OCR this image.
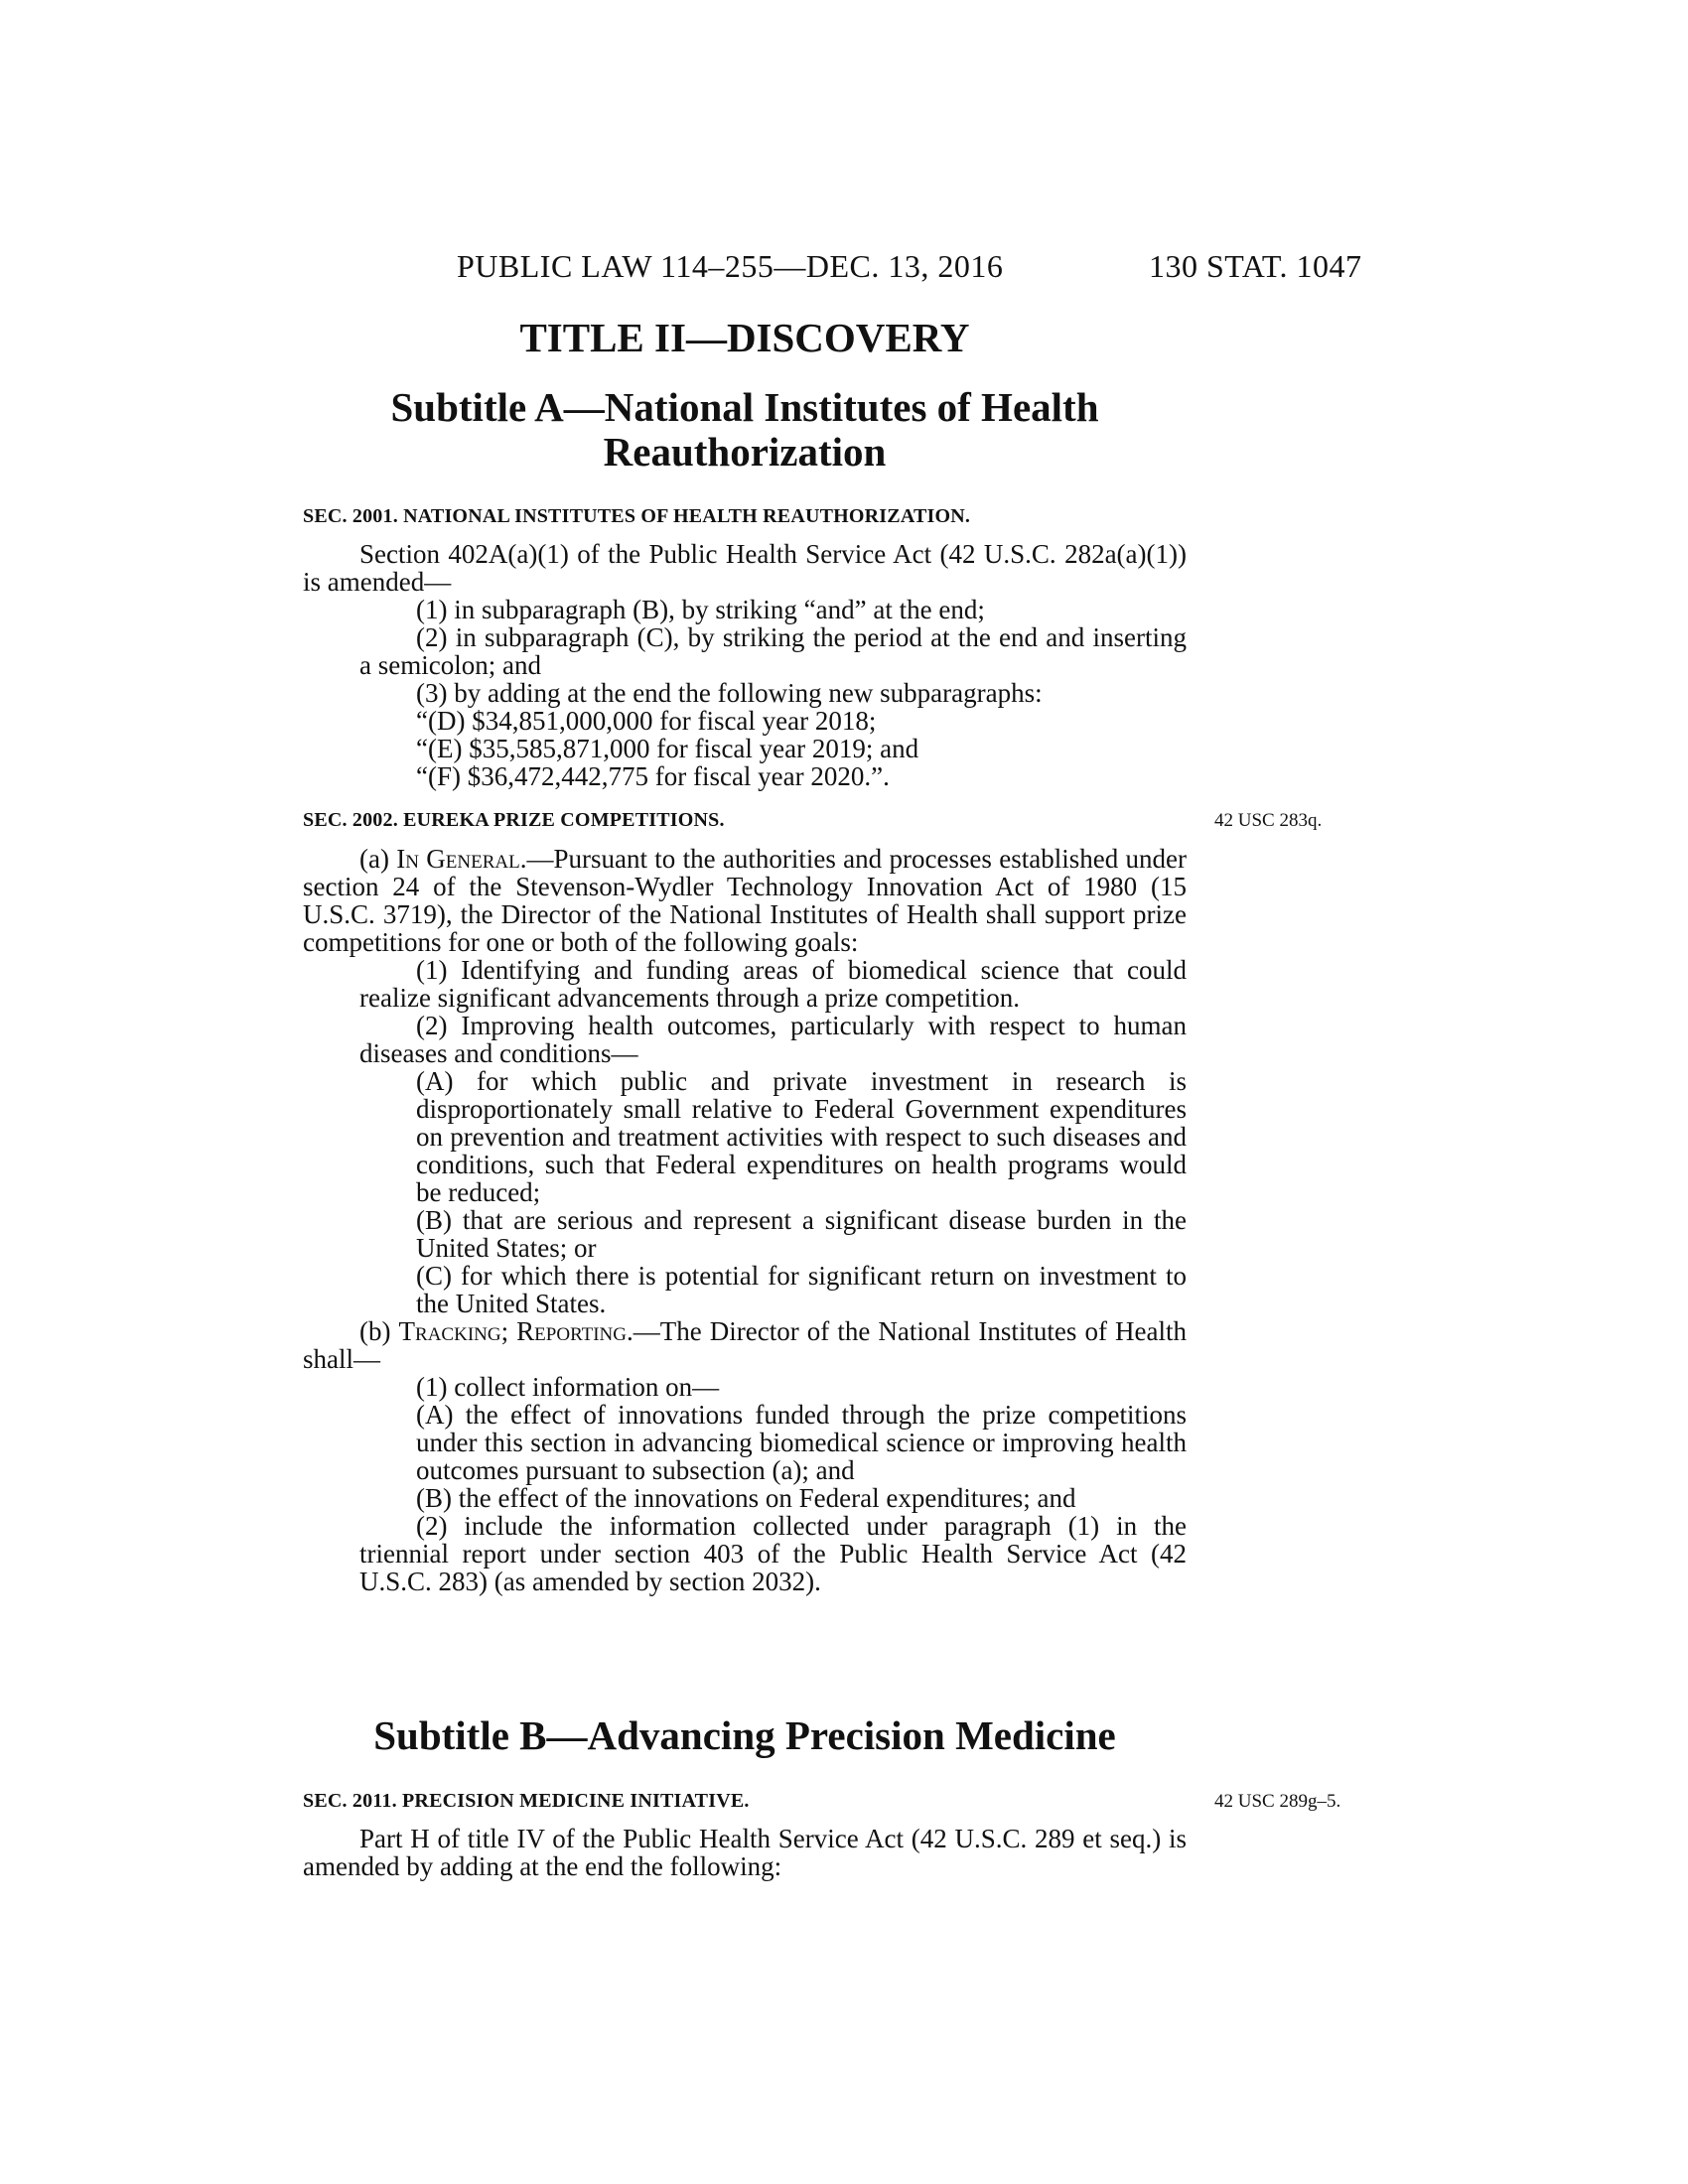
PUBLIC LAW 114–255—DEC. 13, 2016	130 STAT. 1047
TITLE II—DISCOVERY
Subtitle A—National Institutes of Health
Reauthorization
SEC. 2001. NATIONAL INSTITUTES OF HEALTH REAUTHORIZATION.

Section 402A(a)(1) of the Public Health Service Act (42 U.S.C. 282a(a)(1)) is amended—

(1) in subparagraph (B), by striking “and” at the end;

(2) in subparagraph (C), by striking the period at the end and inserting a semicolon; and

(3) by adding at the end the following new subparagraphs:

“(D) $34,851,000,000 for fiscal year 2018;

“(E) $35,585,871,000 for fiscal year 2019; and

“(F) $36,472,442,775 for fiscal year 2020.”.

SEC. 2002. EUREKA PRIZE COMPETITIONS.	42 USC 283q.

(a) In General.—Pursuant to the authorities and processes established under section 24 of the Stevenson-Wydler Technology Innovation Act of 1980 (15 U.S.C. 3719), the Director of the National Institutes of Health shall support prize competitions for one or both of the following goals:

(1) Identifying and funding areas of biomedical science that could realize significant advancements through a prize competition.

(2) Improving health outcomes, particularly with respect to human diseases and conditions—

(A) for which public and private investment in research is disproportionately small relative to Federal Government expenditures on prevention and treatment activities with respect to such diseases and conditions, such that Federal expenditures on health programs would be reduced;

(B) that are serious and represent a significant disease burden in the United States; or

(C) for which there is potential for significant return on investment to the United States.

(b) Tracking; Reporting.—The Director of the National Institutes of Health shall—

(1) collect information on—

(A) the effect of innovations funded through the prize competitions under this section in advancing biomedical science or improving health outcomes pursuant to subsection (a); and

(B) the effect of the innovations on Federal expenditures; and

(2) include the information collected under paragraph (1) in the triennial report under section 403 of the Public Health Service Act (42 U.S.C. 283) (as amended by section 2032).

Subtitle B—Advancing Precision Medicine
SEC. 2011. PRECISION MEDICINE INITIATIVE.	42 USC 289g–5.

Part H of title IV of the Public Health Service Act (42 U.S.C. 289 et seq.) is amended by adding at the end the following:
